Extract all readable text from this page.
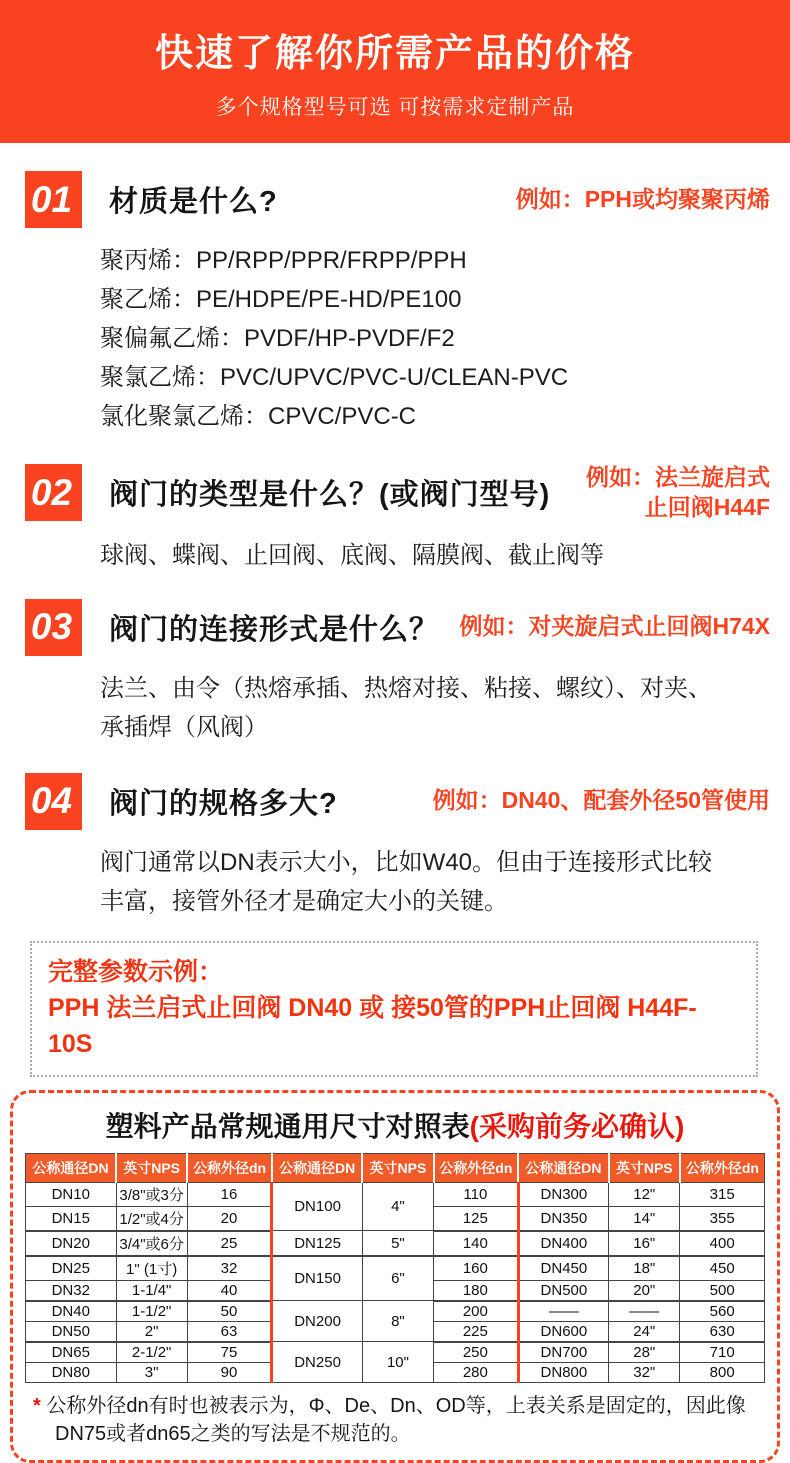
快速了解你所需产品的价格
多个规格型号可选 可按需求定制产品
01	材质是什么?	例如：PPH或均聚聚丙烯
聚丙烯：PP/RPP/PPR/FRPP/PPH
聚乙烯：PE/HDPE/PE-HD/PE100
聚偏氟乙烯：PVDF/HP-PVDF/F2
聚氯乙烯：PVC/UPVC/PVC-U/CLEAN-PVC
氯化聚氯乙烯：CPVC/PVC-C
02	阀门的类型是什么？(或阀门型号)
例如：法兰旋启式
止回阀H44F
球阀、蝶阀、止回阀、底阀、隔膜阀、截止阀等
03	阀门的连接形式是什么？ 例如：对夹旋启式止回阀H74X
法兰、由令（热熔承插、热熔对接、粘接、螺纹）、对夹、
承插焊（风阀）
04	阀门的规格多大?	例如：DN40、配套外径50管使用
阀门通常以DN表示大小，比如W40。但由于连接形式比较
丰富，接管外径才是确定大小的关键。
完整参数示例：
PPH 法兰启式止回阀 DN40 或 接50管的PPH止回阀 H44F-10S
塑料产品常规通用尺寸对照表(采购前务必确认)
公称通径DN	英寸NPS	公称外径dn	公称通径DN	英寸NPS	公称外径dn	公称通径DN	英寸NPS	公称外径dn
DN10	3/8"或3分	16	DN100	4"	110	DN300	12"	315
DN15	1/2"或4分	20			125	DN350	14"	355
DN20	3/4"或6分	25	DN125	5"	140	DN400	16"	400
DN25	1" (1寸)	32	DN150	6"	160	DN450	18"	450
DN32	1-1/4"	40			180	DN500	20"	500
DN40	1-1/2"	50	DN200	8"	200	——	——	560
DN50	2"	63			225	DN600	24"	630
DN65	2-1/2"	75	DN250	10"	250	DN700	28"	710
DN80	3"	90			280	DN800	32"	800
* 公称外径dn有时也被表示为，Φ、De、Dn、OD等，上表关系是固定的，因此像DN75或者dn65之类的写法是不规范的。
